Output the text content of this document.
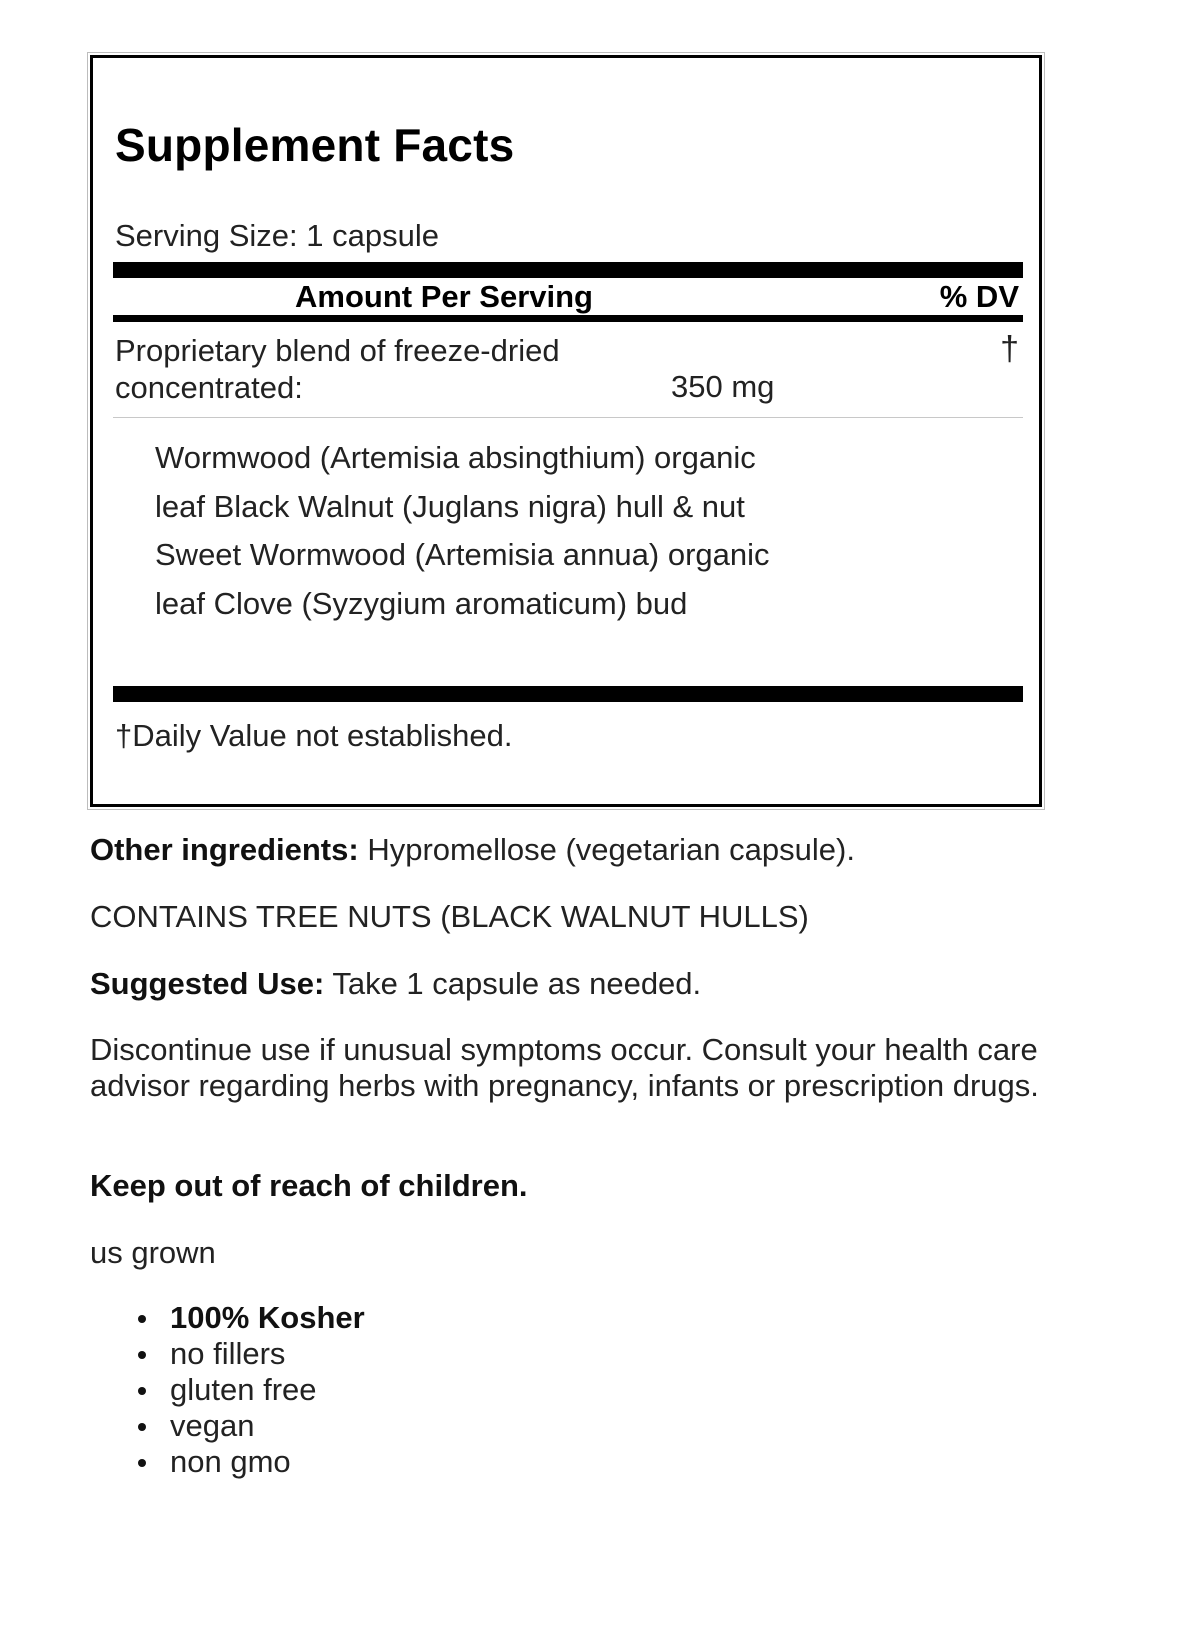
Supplement Facts
Serving Size: 1 capsule
Amount Per Serving	% DV
Proprietary blend of freeze-dried concentrated:	350 mg
†
Wormwood (Artemisia absingthium) organic leaf Black Walnut (Juglans nigra) hull & nut Sweet Wormwood (Artemisia annua) organic leaf Clove (Syzygium aromaticum) bud
†Daily Value not established.

Other ingredients: Hypromellose (vegetarian capsule).

CONTAINS TREE NUTS (BLACK WALNUT HULLS)

Suggested Use: Take 1 capsule as needed.

Discontinue use if unusual symptoms occur. Consult your health care advisor regarding herbs with pregnancy, infants or prescription drugs.

Keep out of reach of children.

us grown

100% Kosher
no fillers
gluten free
vegan
non gmo
